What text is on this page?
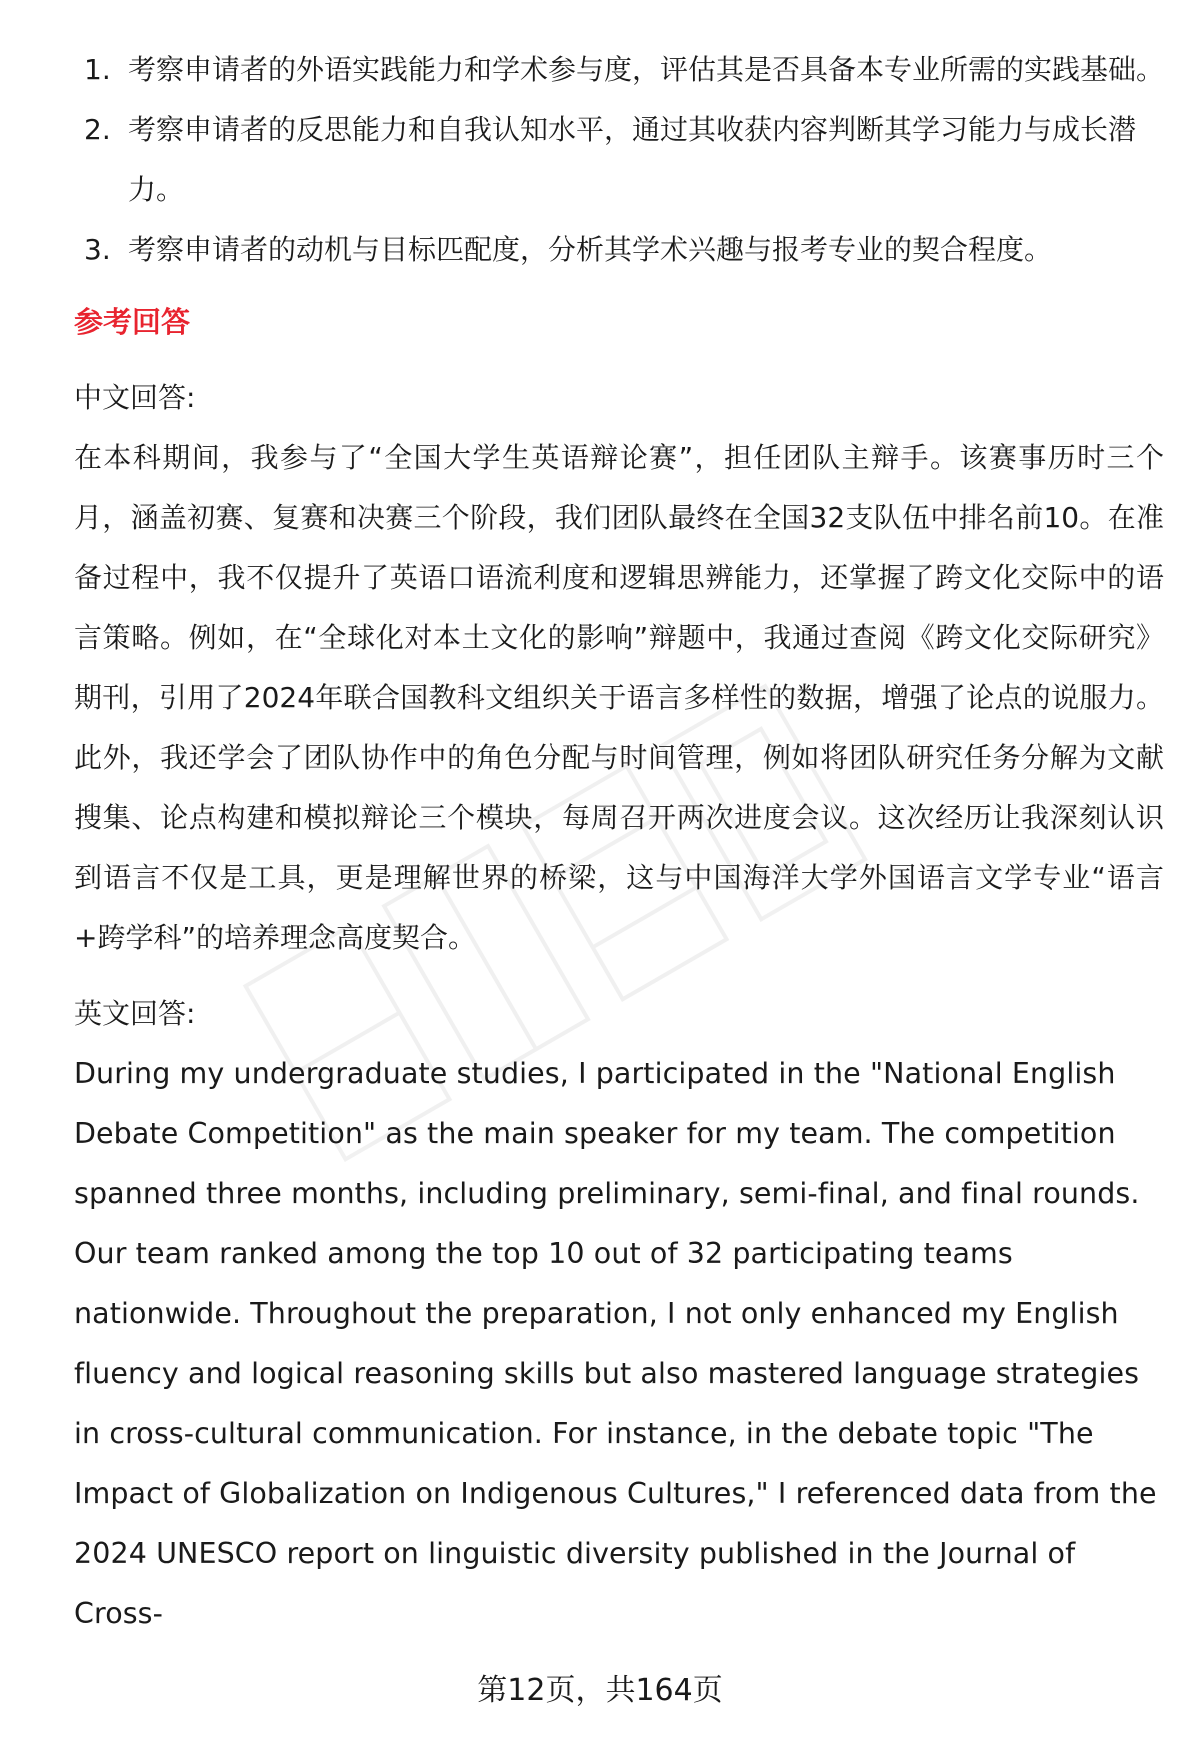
1. 考察申请者的外语实践能力和学术参与度，评估其是否具备本专业所需的实践基础。
2. 考察申请者的反思能力和自我认知水平，通过其收获内容判断其学习能力与成长潜力。
3. 考察申请者的动机与目标匹配度，分析其学术兴趣与报考专业的契合程度。
参考回答
中文回答:

在本科期间，我参与了“全国大学生英语辩论赛”，担任团队主辩手。该赛事历时三个月，涵盖初赛、复赛和决赛三个阶段，我们团队最终在全国32支队伍中排名前10。在准备过程中，我不仅提升了英语口语流利度和逻辑思辨能力，还掌握了跨文化交际中的语言策略。例如，在“全球化对本土文化的影响”辩题中，我通过查阅《跨文化交际研究》期刊，引用了2024年联合国教科文组织关于语言多样性的数据，增强了论点的说服力。此外，我还学会了团队协作中的角色分配与时间管理，例如将团队研究任务分解为文献搜集、论点构建和模拟辩论三个模块，每周召开两次进度会议。这次经历让我深刻认识到语言不仅是工具，更是理解世界的桥梁，这与中国海洋大学外国语言文学专业“语言+跨学科”的培养理念高度契合。

英文回答:

During my undergraduate studies, I participated in the "National English Debate Competition" as the main speaker for my team. The competition spanned three months, including preliminary, semi-final, and final rounds. Our team ranked among the top 10 out of 32 participating teams nationwide. Throughout the preparation, I not only enhanced my English fluency and logical reasoning skills but also mastered language strategies in cross-cultural communication. For instance, in the debate topic "The Impact of Globalization on Indigenous Cultures," I referenced data from the 2024 UNESCO report on linguistic diversity published in the Journal of Cross-

第12页，共164页
